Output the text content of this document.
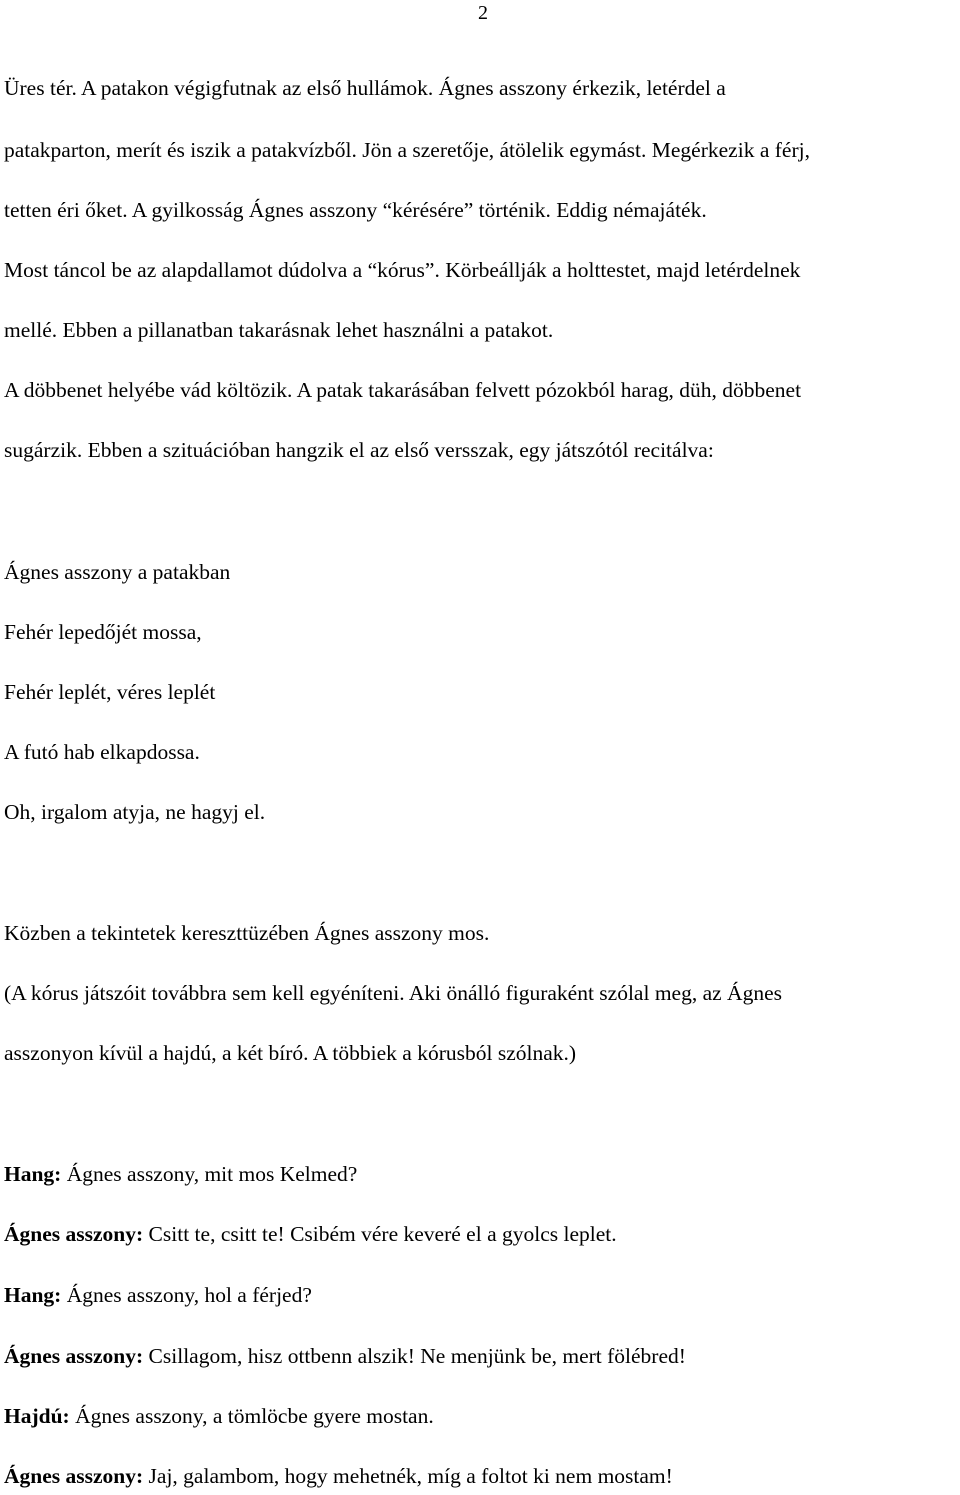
2
Üres tér. A patakon végigfutnak az első hullámok. Ágnes asszony érkezik, letérdel a
patakparton, merít és iszik a patakvízből. Jön a szeretője, átölelik egymást. Megérkezik a férj,
tetten éri őket. A gyilkosság Ágnes asszony “kérésére” történik. Eddig némajáték.
Most táncol be az alapdallamot dúdolva a “kórus”. Körbeállják a holttestet, majd letérdelnek
mellé. Ebben a pillanatban takarásnak lehet használni a patakot.
A döbbenet helyébe vád költözik. A patak takarásában felvett pózokból harag, düh, döbbenet
sugárzik. Ebben a szituációban hangzik el az első versszak, egy játszótól recitálva:
Ágnes asszony a patakban
Fehér lepedőjét mossa,
Fehér leplét, véres leplét
A futó hab elkapdossa.
Oh, irgalom atyja, ne hagyj el.
Közben a tekintetek kereszttüzében Ágnes asszony mos.
(A kórus játszóit továbbra sem kell egyéníteni. Aki önálló figuraként szólal meg, az Ágnes
asszonyon kívül a hajdú, a két bíró. A többiek a kórusból szólnak.)
Hang: Ágnes asszony, mit mos Kelmed?
Ágnes asszony: Csitt te, csitt te! Csibém vére keveré el a gyolcs leplet.
Hang: Ágnes asszony, hol a férjed?
Ágnes asszony: Csillagom, hisz ottbenn alszik! Ne menjünk be, mert fölébred!
Hajdú: Ágnes asszony, a tömlöcbe gyere mostan.
Ágnes asszony: Jaj, galambom, hogy mehetnék, míg a foltot ki nem mostam!
